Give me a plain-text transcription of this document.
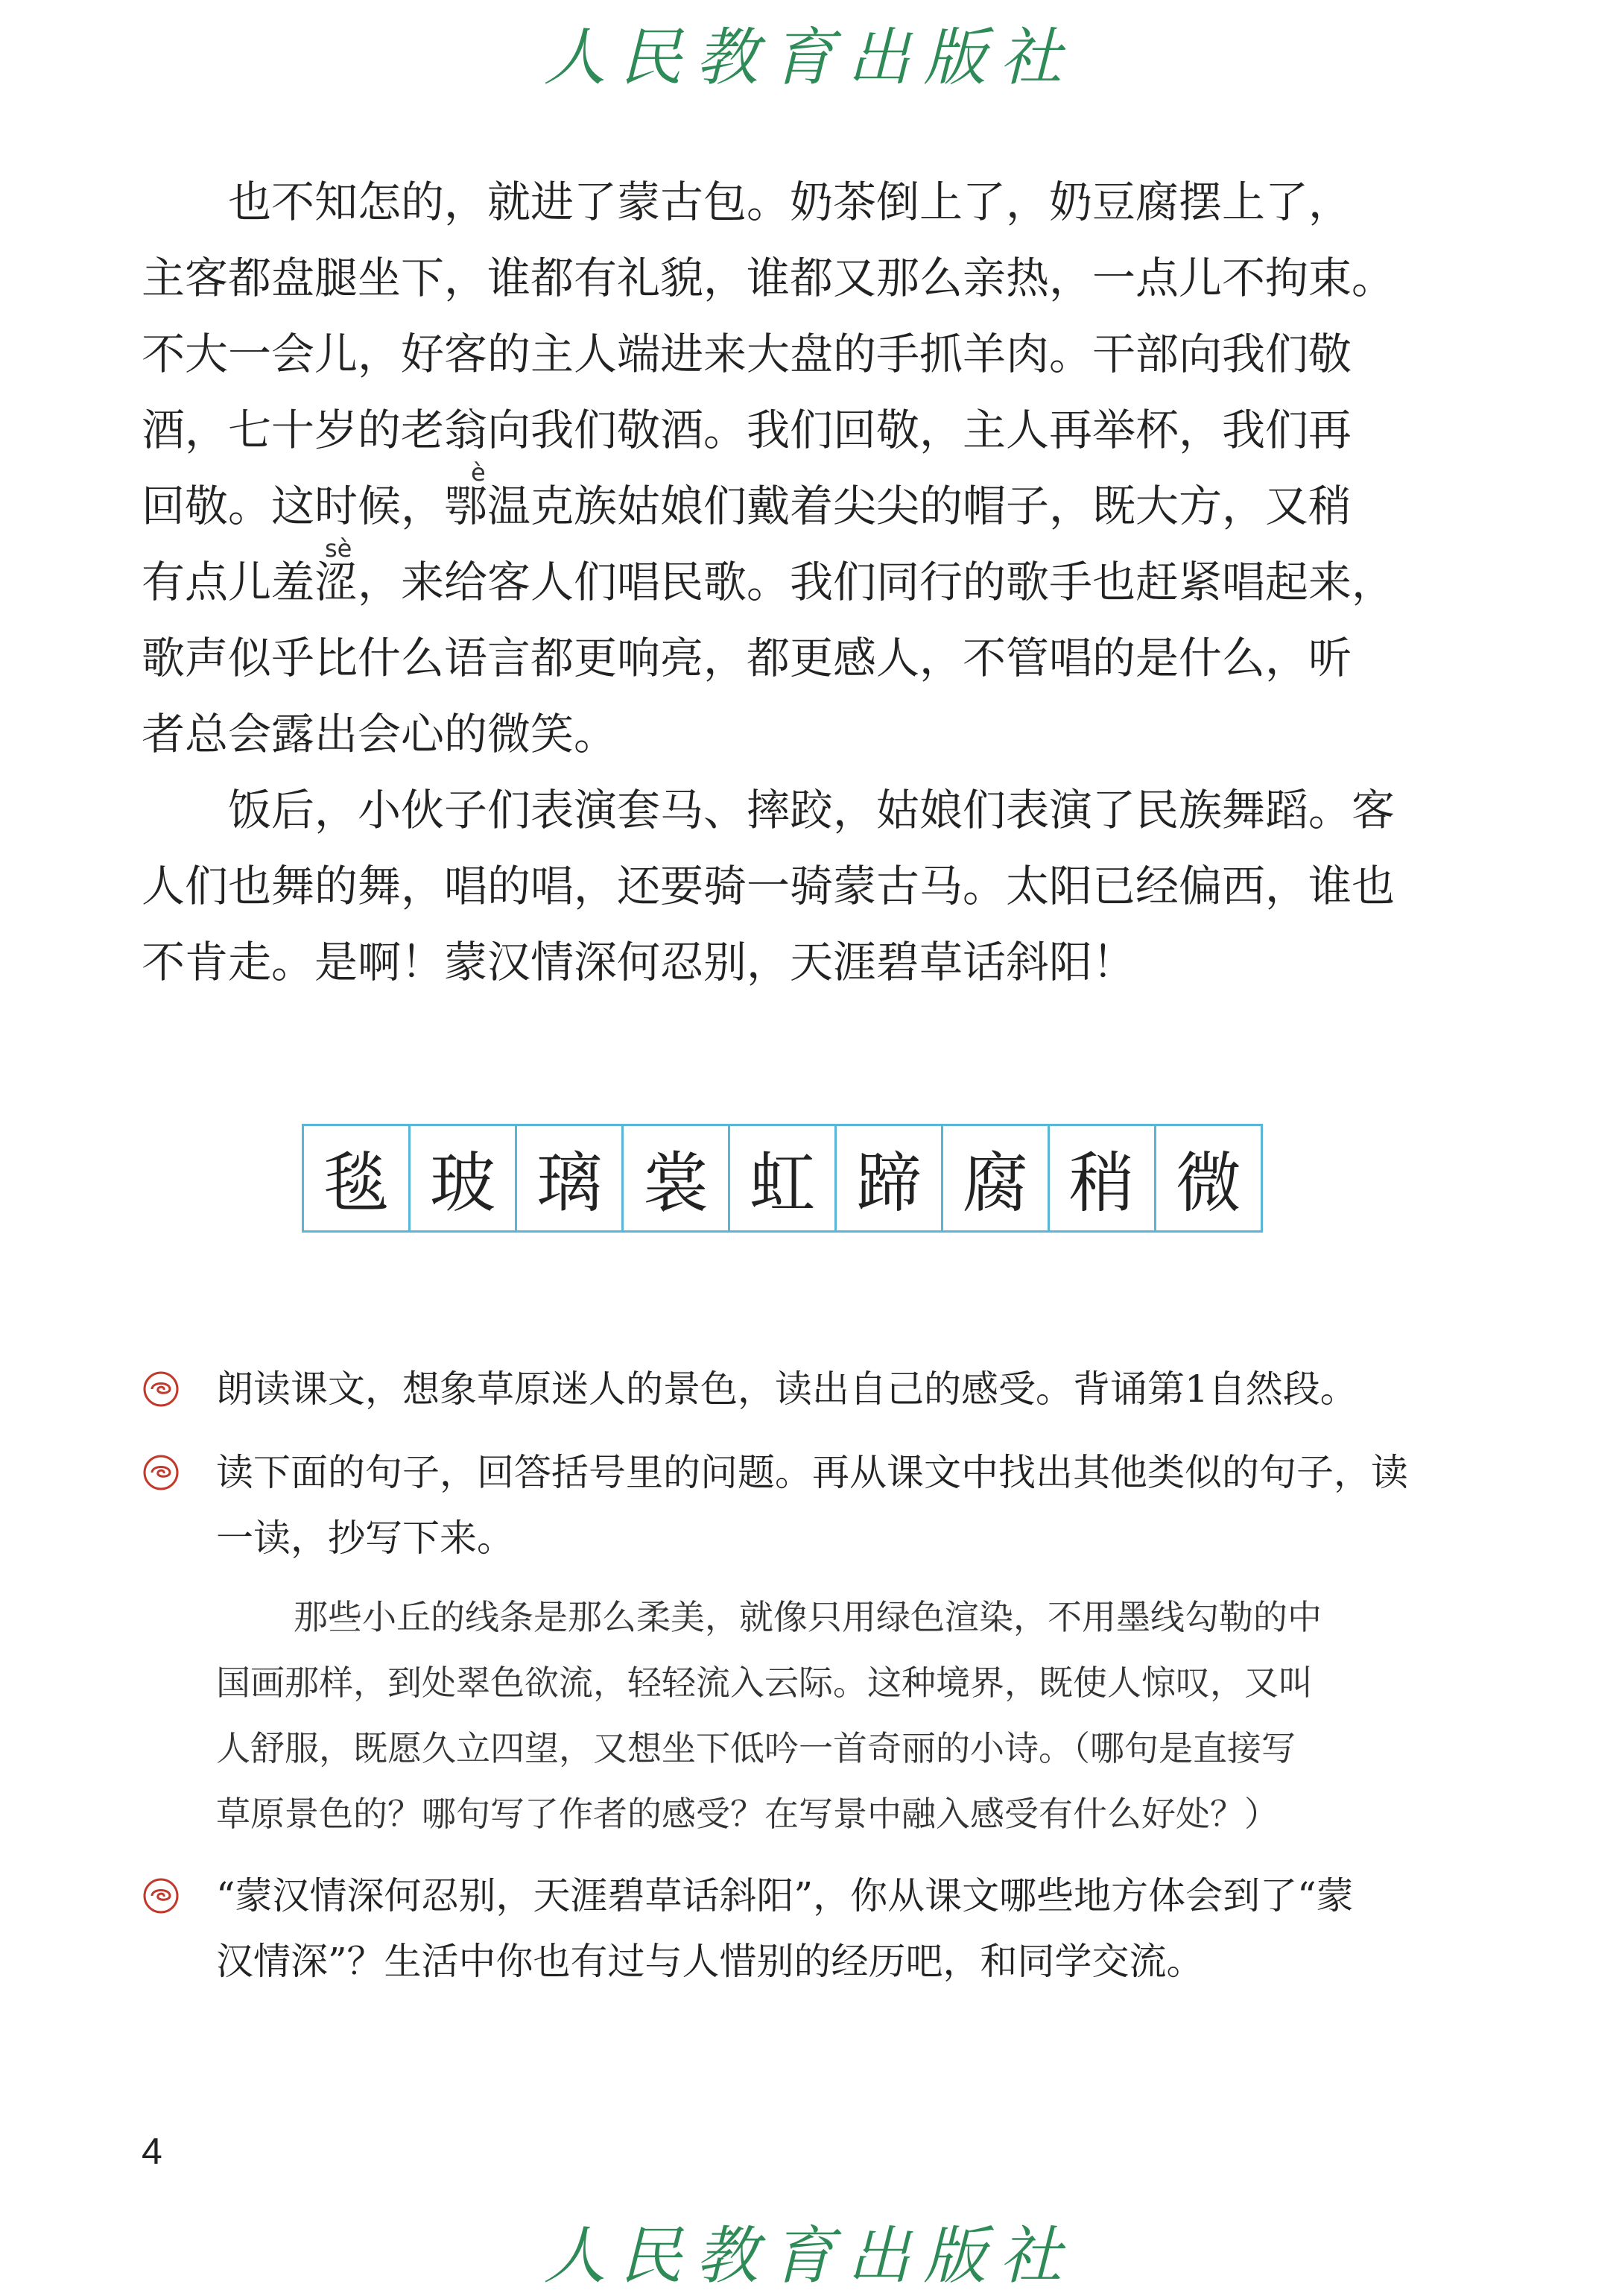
人民教育出版社
也不知怎的，就进了蒙古包。奶茶倒上了，奶豆腐摆上了，
主客都盘腿坐下，谁都有礼貌，谁都又那么亲热，一点儿不拘束。
不大一会儿，好客的主人端进来大盘的手抓羊肉。干部向我们敬
酒，七十岁的老翁向我们敬酒。我们回敬，主人再举杯，我们再
回敬。这时候，鄂温克族姑娘们戴着尖尖的帽子，既大方，又稍
有点儿羞涩，来给客人们唱民歌。我们同行的歌手也赶紧唱起来，
歌声似乎比什么语言都更响亮，都更感人，不管唱的是什么，听
者总会露出会心的微笑。
è
sè
饭后，小伙子们表演套马、摔跤，姑娘们表演了民族舞蹈。客
人们也舞的舞，唱的唱，还要骑一骑蒙古马。太阳已经偏西，谁也
不肯走。是啊！蒙汉情深何忍别，天涯碧草话斜阳！
毯 玻 璃 裳 虹 蹄 腐 稍 微
朗读课文，想象草原迷人的景色，读出自己的感受。背诵第1自然段。
读下面的句子，回答括号里的问题。再从课文中找出其他类似的句子，读
一读，抄写下来。
那些小丘的线条是那么柔美，就像只用绿色渲染，不用墨线勾勒的中
国画那样，到处翠色欲流，轻轻流入云际。这种境界，既使人惊叹，又叫
人舒服，既愿久立四望，又想坐下低吟一首奇丽的小诗。（哪句是直接写
草原景色的？哪句写了作者的感受？在写景中融入感受有什么好处？）
“蒙汉情深何忍别，天涯碧草话斜阳”，你从课文哪些地方体会到了“蒙
汉情深”？生活中你也有过与人惜别的经历吧，和同学交流。
4
人民教育出版社
